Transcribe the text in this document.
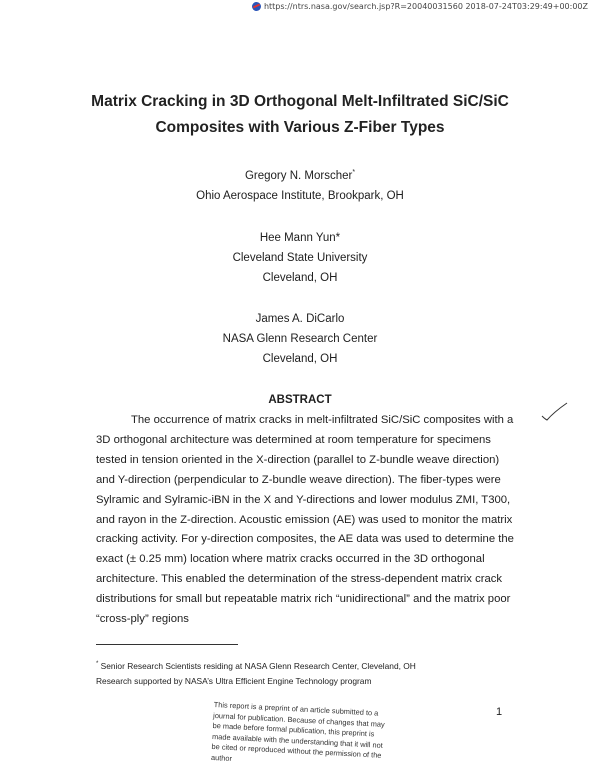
https://ntrs.nasa.gov/search.jsp?R=20040031560 2018-07-24T03:29:49+00:00Z
Matrix Cracking in 3D Orthogonal Melt-Infiltrated SiC/SiC
Composites with Various Z-Fiber Types
Gregory N. Morscher*
Ohio Aerospace Institute, Brookpark, OH
Hee Mann Yun*
Cleveland State University
Cleveland, OH
James A. DiCarlo
NASA Glenn Research Center
Cleveland, OH
ABSTRACT

The occurrence of matrix cracks in melt-infiltrated SiC/SiC composites with a 3D orthogonal architecture was determined at room temperature for specimens tested in tension oriented in the X-direction (parallel to Z-bundle weave direction) and Y-direction (perpendicular to Z-bundle weave direction). The fiber-types were Sylramic and Sylramic-iBN in the X and Y-directions and lower modulus ZMI, T300, and rayon in the Z-direction. Acoustic emission (AE) was used to monitor the matrix cracking activity. For y-direction composites, the AE data was used to determine the exact (± 0.25 mm) location where matrix cracks occurred in the 3D orthogonal architecture. This enabled the determination of the stress-dependent matrix crack distributions for small but repeatable matrix rich “unidirectional” and the matrix poor “cross-ply” regions

* Senior Research Scientists residing at NASA Glenn Research Center, Cleveland, OH
Research supported by NASA’s Ultra Efficient Engine Technology program
1
This report is a preprint of an article submitted to a journal for publication. Because of changes that may be made before formal publication, this preprint is made available with the understanding that it will not be cited or reproduced without the permission of the author
